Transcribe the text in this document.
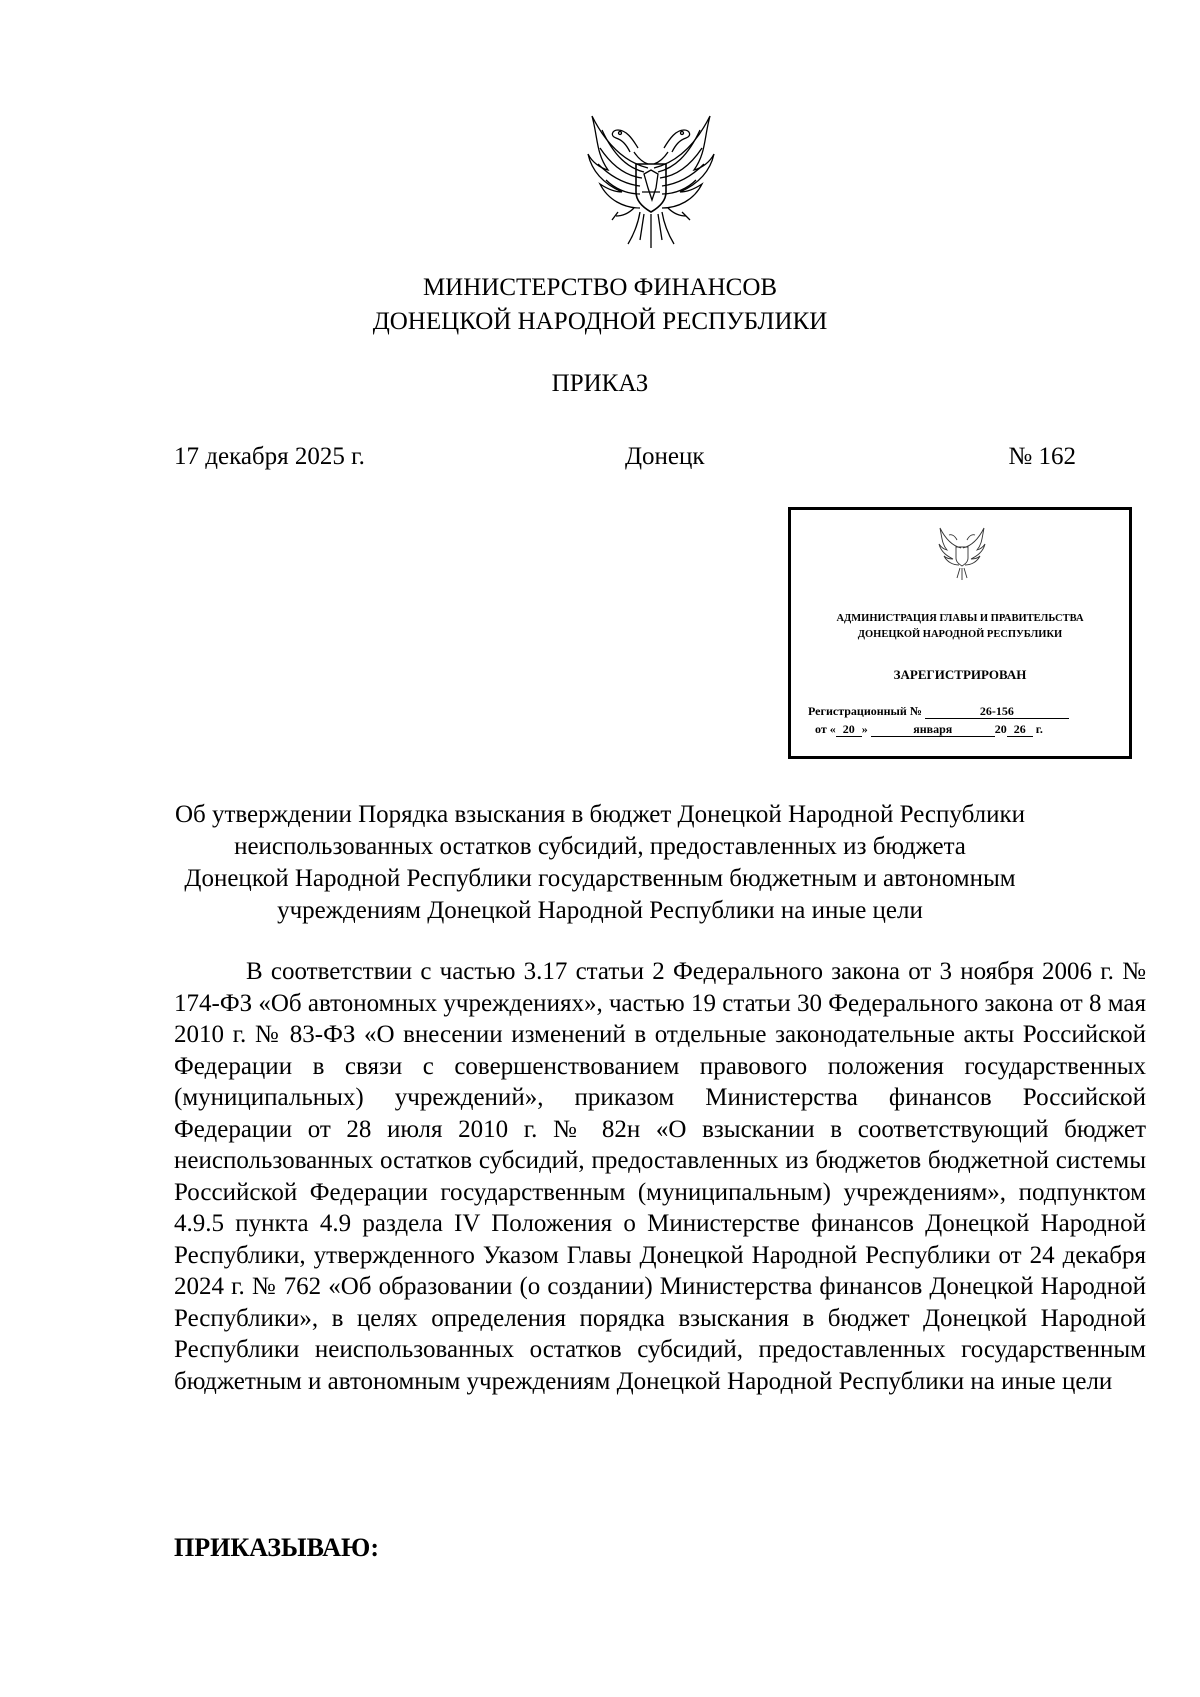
МИНИСТЕРСТВО ФИНАНСОВ
ДОНЕЦКОЙ НАРОДНОЙ РЕСПУБЛИКИ
ПРИКАЗ
17 декабря 2025 г.	Донецк	№ 162
АДМИНИСТРАЦИЯ ГЛАВЫ И ПРАВИТЕЛЬСТВА
ДОНЕЦКОЙ НАРОДНОЙ РЕСПУБЛИКИ
ЗАРЕГИСТРИРОВАН
Регистрационный №	26-156
от « 20 »	января	20 26 г.
Об утверждении Порядка взыскания в бюджет Донецкой Народной Республики
неиспользованных остатков субсидий, предоставленных из бюджета
Донецкой Народной Республики государственным бюджетным и автономным
учреждениям Донецкой Народной Республики на иные цели
В соответствии с частью 3.17 статьи 2 Федерального закона от 3 ноября 2006 г. № 174-ФЗ «Об автономных учреждениях», частью 19 статьи 30 Федерального закона от 8 мая 2010 г. № 83-ФЗ «О внесении изменений в отдельные законодательные акты Российской Федерации в связи с совершенствованием правового положения государственных (муниципальных) учреждений», приказом Министерства финансов Российской Федерации от 28 июля 2010 г. № 82н «О взыскании в соответствующий бюджет неиспользованных остатков субсидий, предоставленных из бюджетов бюджетной системы Российской Федерации государственным (муниципальным) учреждениям», подпунктом 4.9.5 пункта 4.9 раздела IV Положения о Министерстве финансов Донецкой Народной Республики, утвержденного Указом Главы Донецкой Народной Республики от 24 декабря 2024 г. № 762 «Об образовании (о создании) Министерства финансов Донецкой Народной Республики», в целях определения порядка взыскания в бюджет Донецкой Народной Республики неиспользованных остатков субсидий, предоставленных государственным бюджетным и автономным учреждениям Донецкой Народной Республики на иные цели
ПРИКАЗЫВАЮ:
